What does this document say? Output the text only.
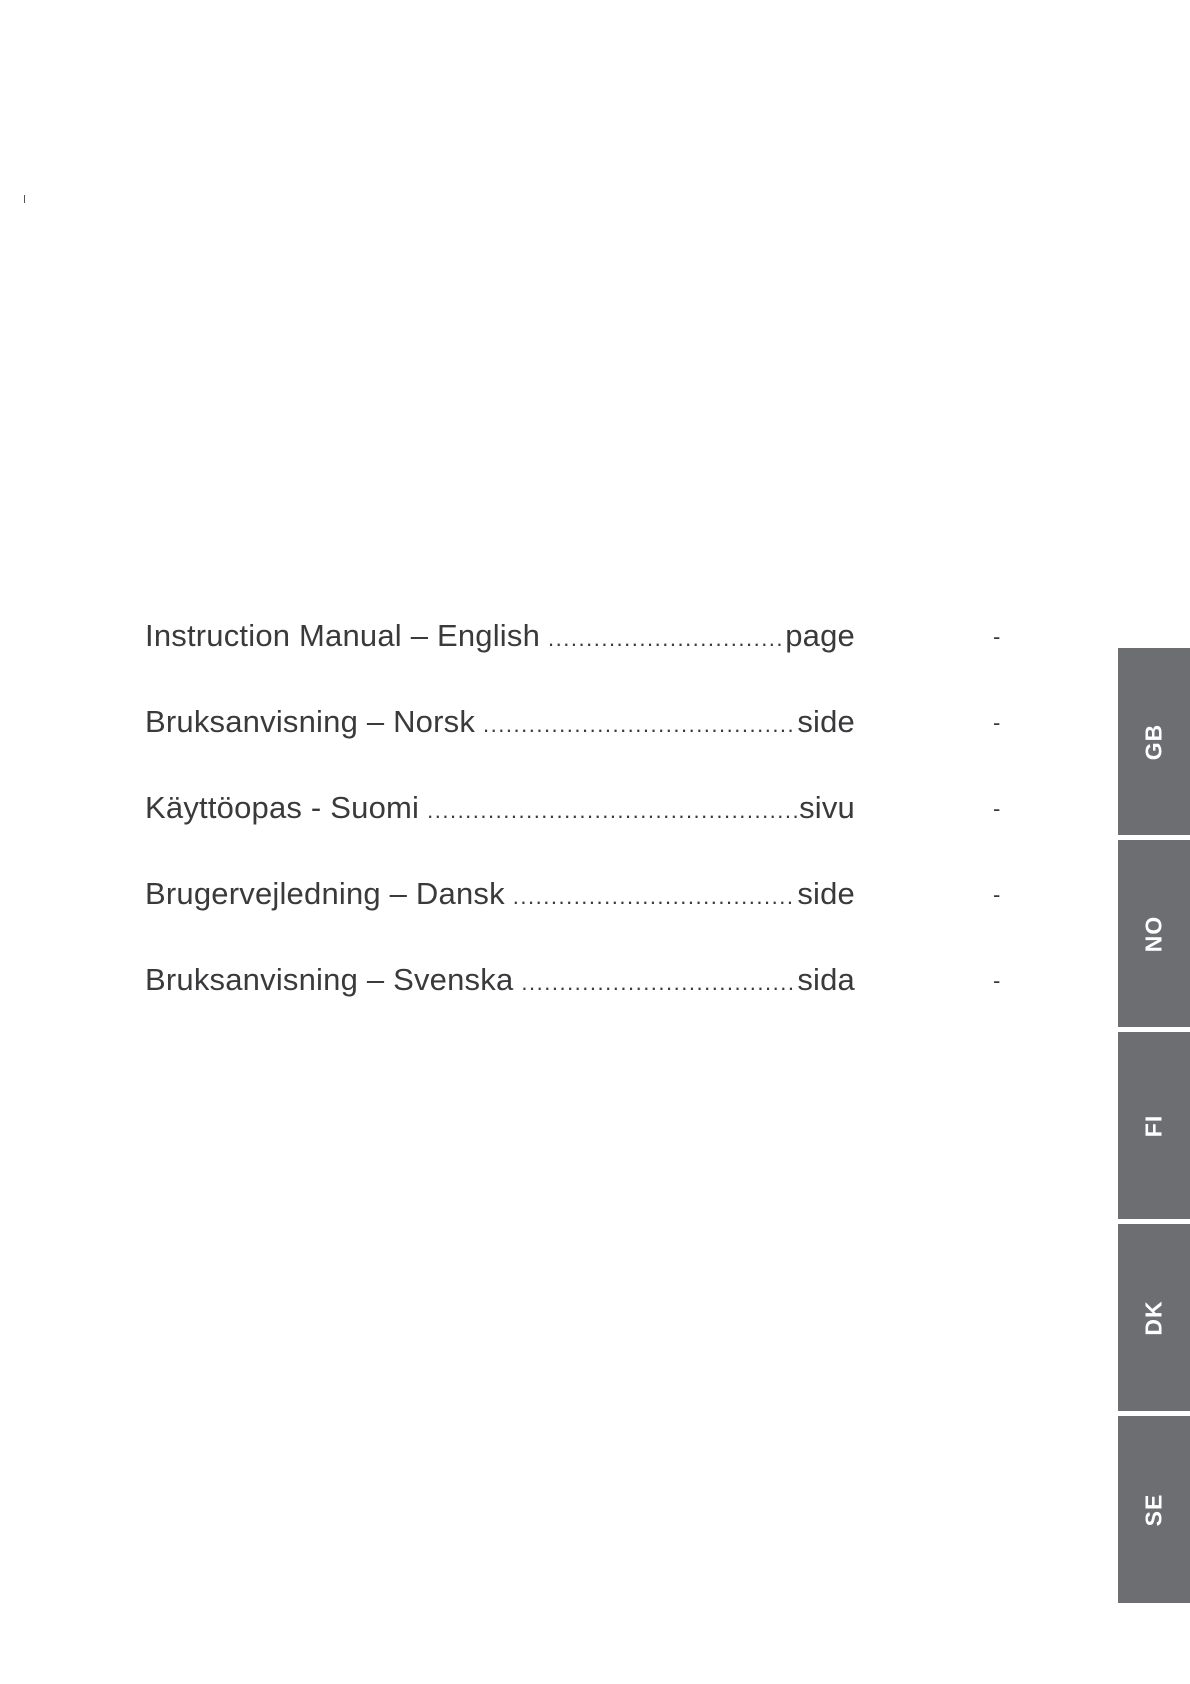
Instruction Manual – English .....	page	-
Bruksanvisning – Norsk .....	side	-
Käyttöopas - Suomi .....	sivu	-
Brugervejledning – Dansk .....	side	-
Bruksanvisning – Svenska .....	sida	-
GB
NO
FI
DK
SE
